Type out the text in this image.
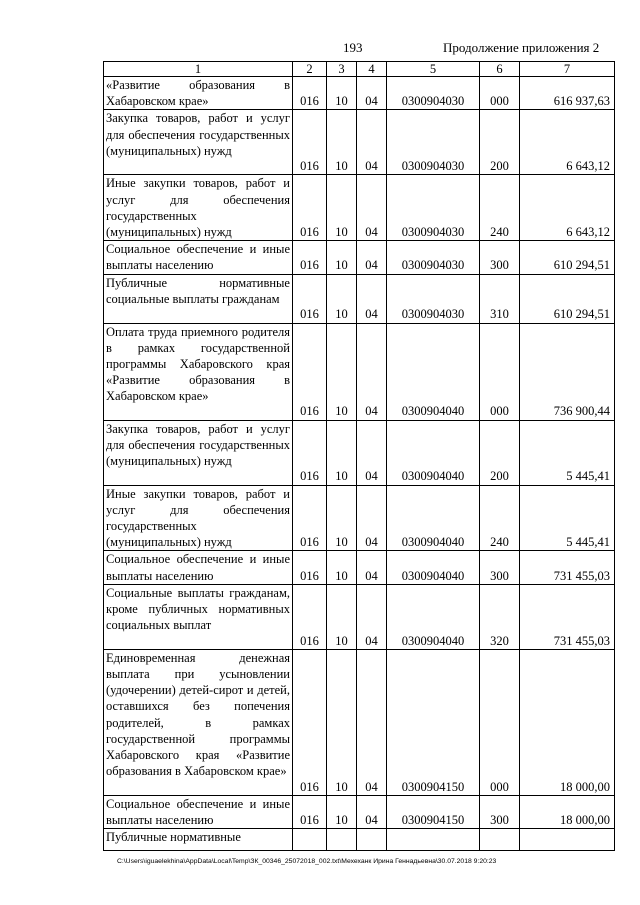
193	Продолжение приложения 2
1	2	3	4	5	6	7
«Развитие образования в Хабаровском крае»	016	10	04	0300904030	000	616 937,63
Закупка товаров, работ и услуг для обеспечения государственных (муниципальных) нужд	016	10	04	0300904030	200	6 643,12
Иные закупки товаров, работ и услуг для обеспечения государственных (муниципальных) нужд	016	10	04	0300904030	240	6 643,12
Социальное обеспечение и иные выплаты населению	016	10	04	0300904030	300	610 294,51
Публичные нормативные социальные выплаты гражданам	016	10	04	0300904030	310	610 294,51
Оплата труда приемного родителя в рамках государственной программы Хабаровского края «Развитие образования в Хабаровском крае»	016	10	04	0300904040	000	736 900,44
Закупка товаров, работ и услуг для обеспечения государственных (муниципальных) нужд	016	10	04	0300904040	200	5 445,41
Иные закупки товаров, работ и услуг для обеспечения государственных (муниципальных) нужд	016	10	04	0300904040	240	5 445,41
Социальное обеспечение и иные выплаты населению	016	10	04	0300904040	300	731 455,03
Социальные выплаты гражданам, кроме публичных нормативных социальных выплат	016	10	04	0300904040	320	731 455,03
Единовременная денежная выплата при усыновлении (удочерении) детей-сирот и детей, оставшихся без попечения родителей, в рамках государственной программы Хабаровского края «Развитие образования в Хабаровском крае»	016	10	04	0300904150	000	18 000,00
Социальное обеспечение и иные выплаты населению	016	10	04	0300904150	300	18 000,00
Публичные нормативные						
C:\Users\iguaelekhina\AppData\Local\Temp\ЗК_00346_25072018_002.txt\Мехеханк Ирина Геннадьевна\30.07.2018 9:20:23
